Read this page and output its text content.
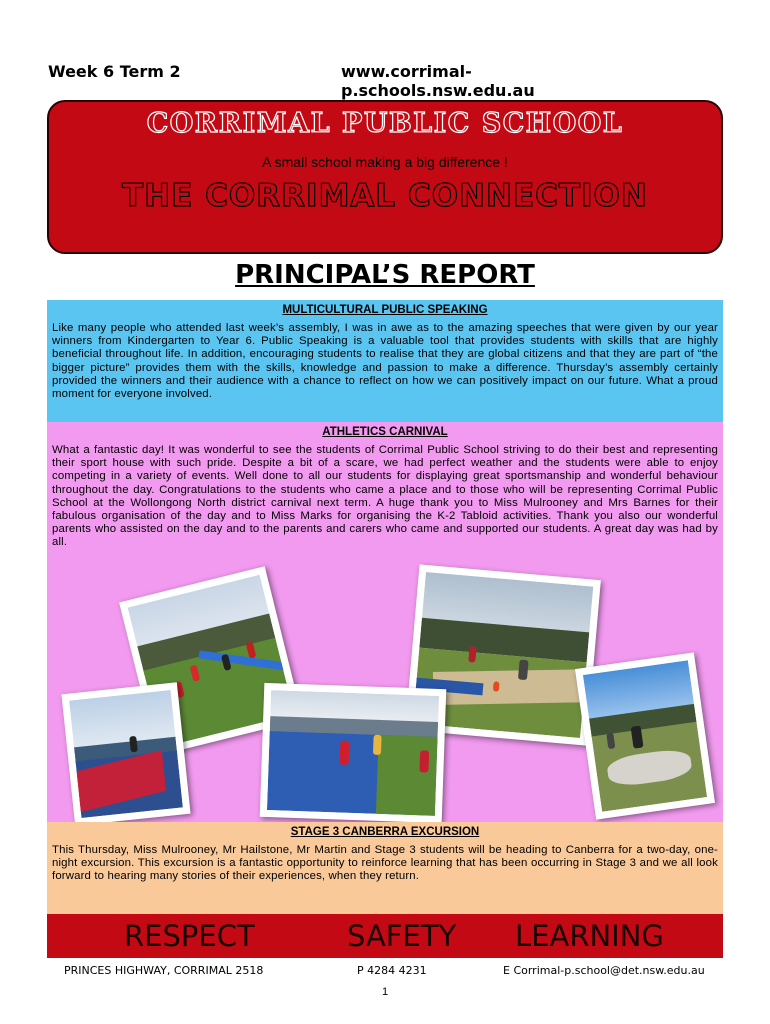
Week 6 Term 2	www.corrimal-p.schools.nsw.edu.au
CORRIMAL PUBLIC SCHOOL
A small school making a big difference !
THE CORRIMAL CONNECTION
PRINCIPAL’S REPORT
MULTICULTURAL PUBLIC SPEAKING
Like many people who attended last week’s assembly, I was in awe as to the amazing speeches that were given by our year winners from Kindergarten to Year 6. Public Speaking is a valuable tool that provides students with skills that are highly beneficial throughout life. In addition, encouraging students to realise that they are global citizens and that they are part of “the bigger picture” provides them with the skills, knowledge and passion to make a difference. Thursday’s assembly certainly provided the winners and their audience with a chance to reflect on how we can positively impact on our future. What a proud moment for everyone involved.
ATHLETICS CARNIVAL
What a fantastic day! It was wonderful to see the students of Corrimal Public School striving to do their best and representing their sport house with such pride. Despite a bit of a scare, we had perfect weather and the students were able to enjoy competing in a variety of events. Well done to all our students for displaying great sportsmanship and wonderful behaviour throughout the day. Congratulations to the students who came a place and to those who will be representing Corrimal Public School at the Wollongong North district carnival next term. A huge thank you to Miss Mulrooney and Mrs Barnes for their fabulous organisation of the day and to Miss Marks for organising the K-2 Tabloid activities. Thank you also our wonderful parents who assisted on the day and to the parents and carers who came and supported our students. A great day was had by all.
STAGE 3 CANBERRA EXCURSION
This Thursday, Miss Mulrooney, Mr Hailstone, Mr Martin and Stage 3 students will be heading to Canberra for a two-day, one-night excursion. This excursion is a fantastic opportunity to reinforce learning that has been occurring in Stage 3 and we all look forward to hearing many stories of their experiences, when they return.
RESPECT	SAFETY LEARNING
PRINCES HIGHWAY, CORRIMAL 2518	P 4284 4231	E Corrimal-p.school@det.nsw.edu.au
1
